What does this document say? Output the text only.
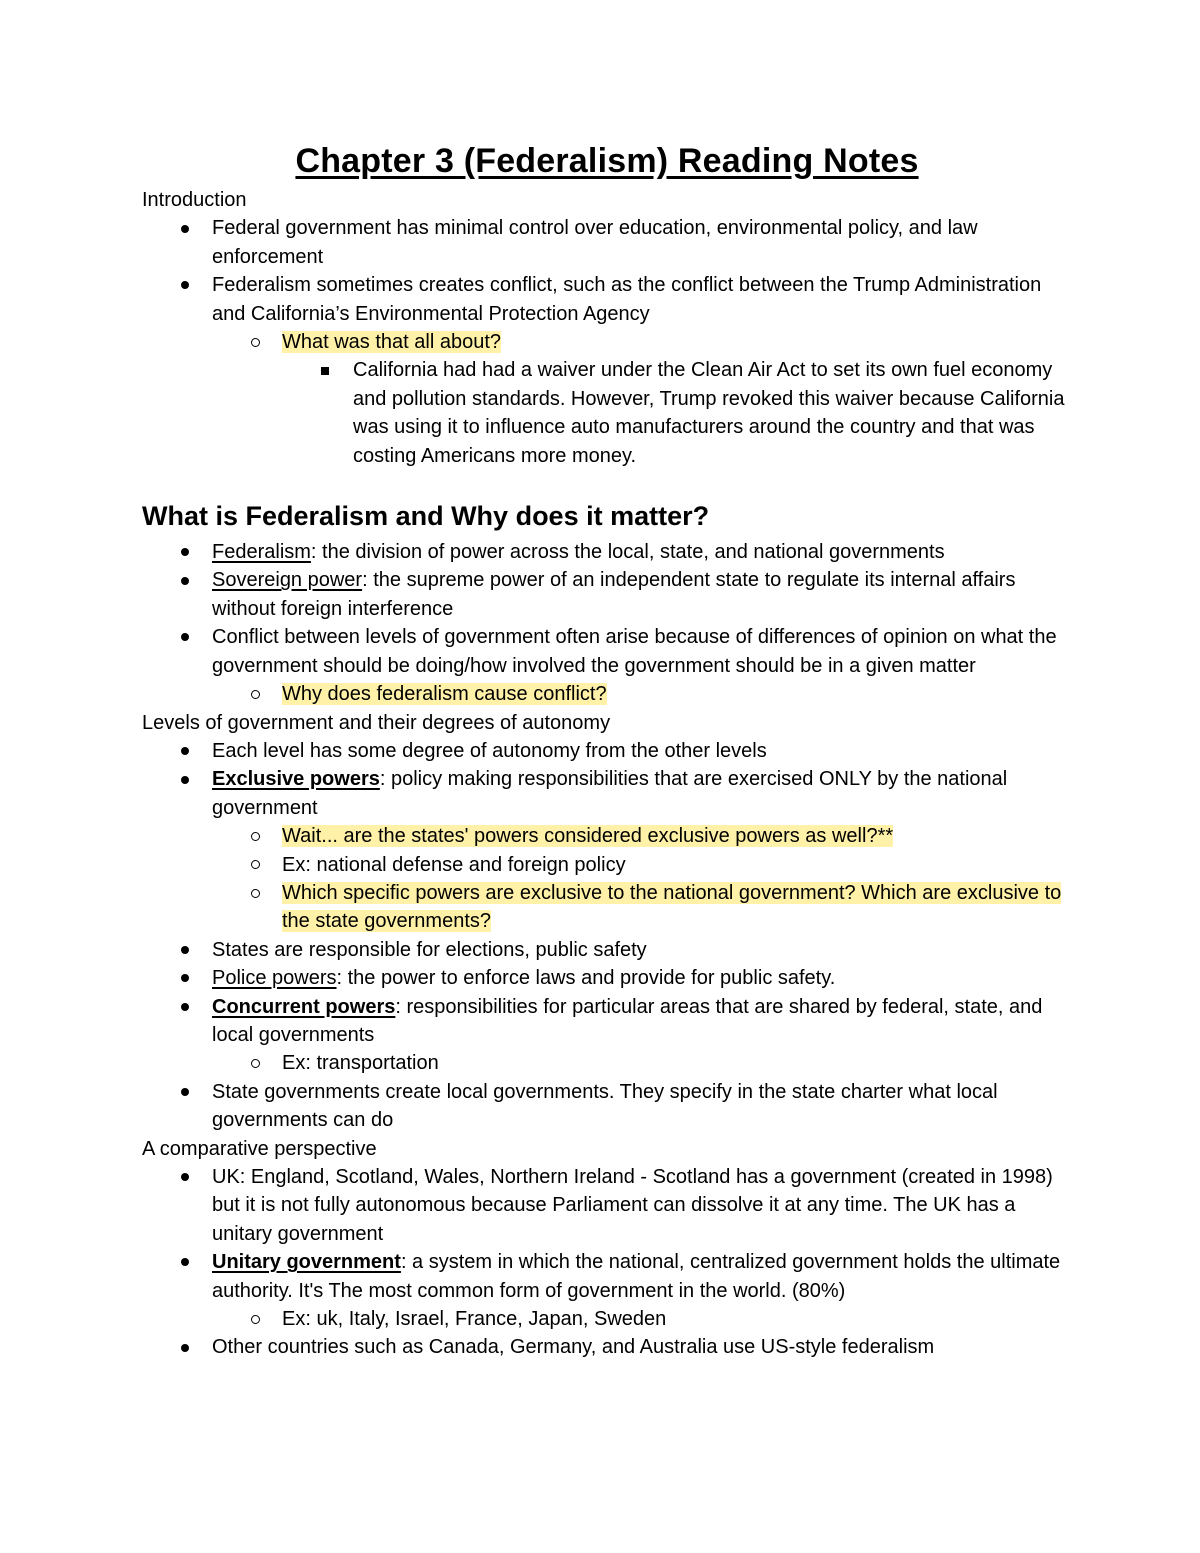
Chapter 3 (Federalism) Reading Notes
Introduction
Federal government has minimal control over education, environmental policy, and law enforcement
Federalism sometimes creates conflict, such as the conflict between the Trump Administration and California’s Environmental Protection Agency
What was that all about?
California had had a waiver under the Clean Air Act to set its own fuel economy and pollution standards. However, Trump revoked this waiver because California was using it to influence auto manufacturers around the country and that was costing Americans more money.
What is Federalism and Why does it matter?
Federalism: the division of power across the local, state, and national governments
Sovereign power: the supreme power of an independent state to regulate its internal affairs without foreign interference
Conflict between levels of government often arise because of differences of opinion on what the government should be doing/how involved the government should be in a given matter
Why does federalism cause conflict?
Levels of government and their degrees of autonomy
Each level has some degree of autonomy from the other levels
Exclusive powers: policy making responsibilities that are exercised ONLY by the national government
Wait... are the states' powers considered exclusive powers as well?**
Ex: national defense and foreign policy
Which specific powers are exclusive to the national government? Which are exclusive to the state governments?
States are responsible for elections, public safety
Police powers: the power to enforce laws and provide for public safety.
Concurrent powers: responsibilities for particular areas that are shared by federal, state, and local governments
Ex: transportation
State governments create local governments. They specify in the state charter what local governments can do
A comparative perspective
UK: England, Scotland, Wales, Northern Ireland - Scotland has a government (created in 1998) but it is not fully autonomous because Parliament can dissolve it at any time. The UK has a unitary government
Unitary government: a system in which the national, centralized government holds the ultimate authority. It's The most common form of government in the world. (80%)
Ex: uk, Italy, Israel, France, Japan, Sweden
Other countries such as Canada, Germany, and Australia use US-style federalism
